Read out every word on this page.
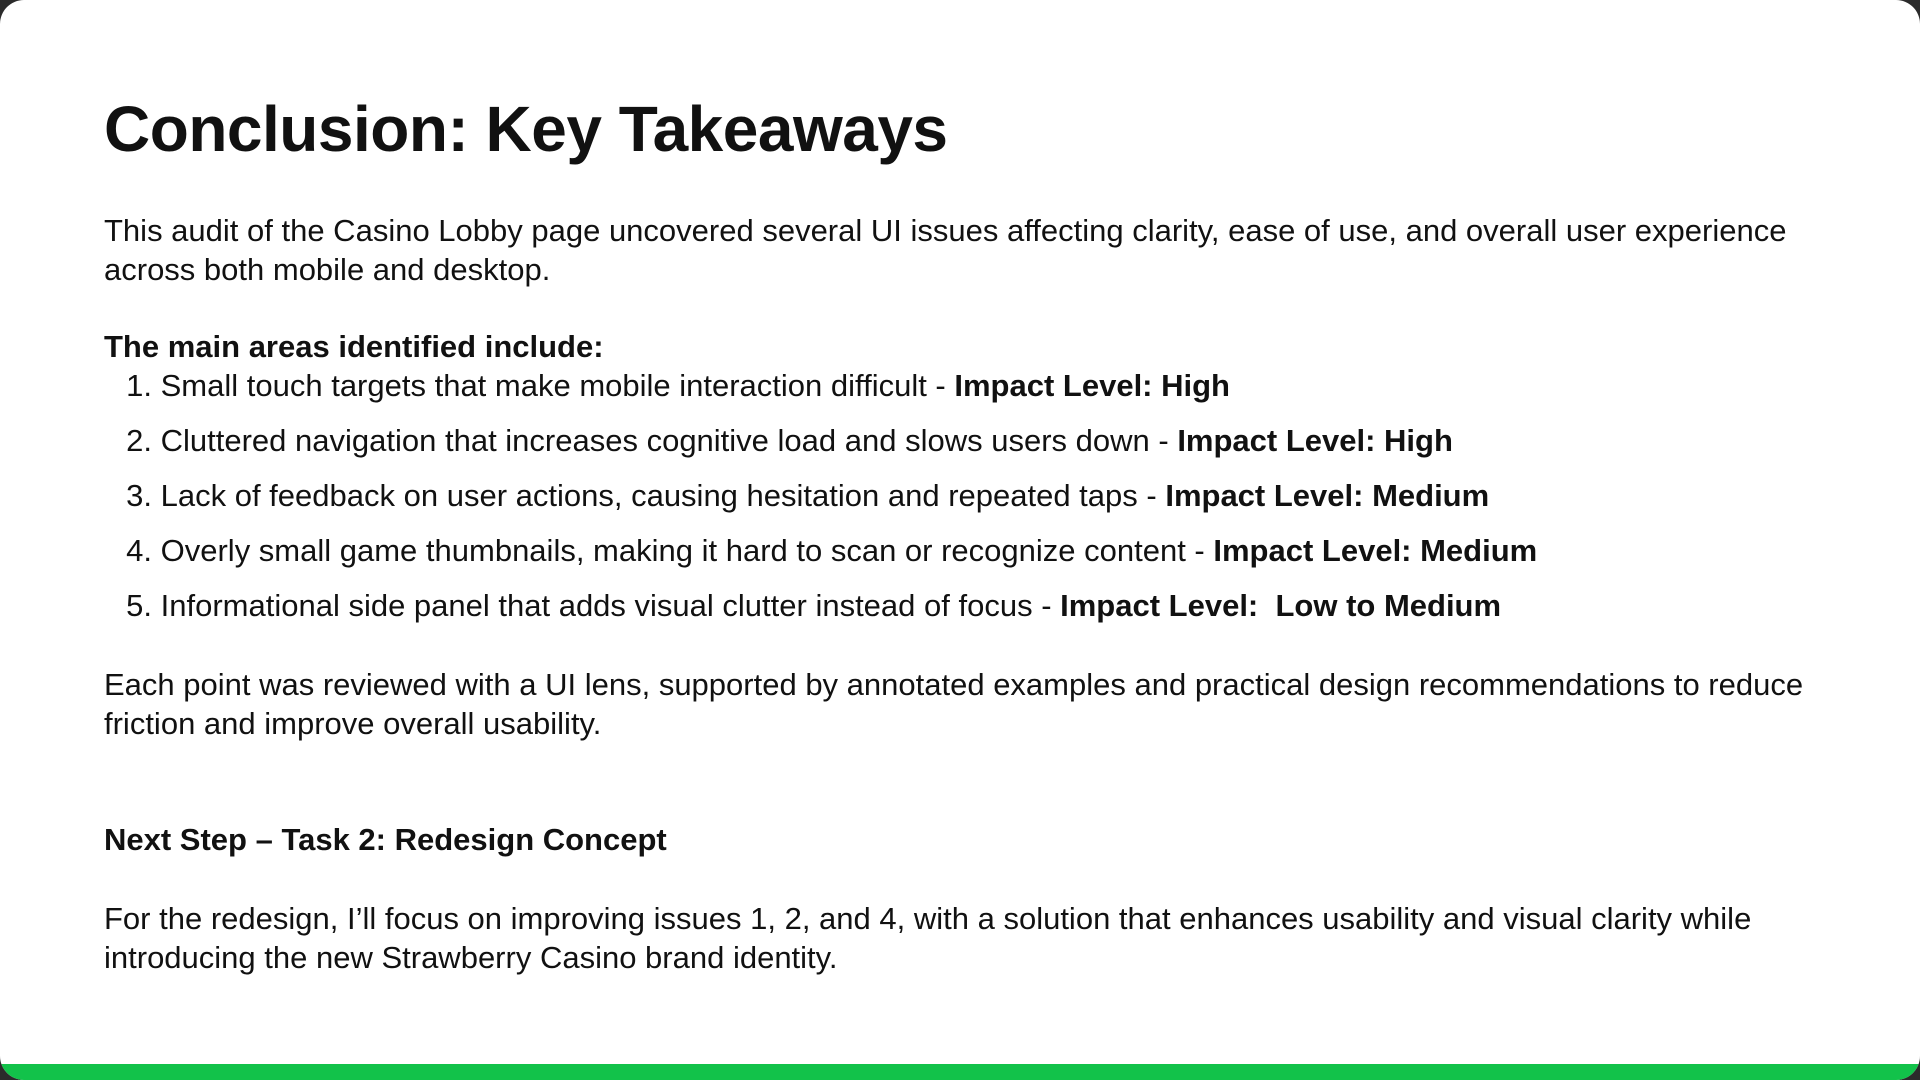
Conclusion: Key Takeaways

This audit of the Casino Lobby page uncovered several UI issues affecting clarity, ease of use, and overall user experience across both mobile and desktop.

The main areas identified include:

1. Small touch targets that make mobile interaction difficult - Impact Level: High
2. Cluttered navigation that increases cognitive load and slows users down - Impact Level: High
3. Lack of feedback on user actions, causing hesitation and repeated taps - Impact Level: Medium
4. Overly small game thumbnails, making it hard to scan or recognize content - Impact Level: Medium
5. Informational side panel that adds visual clutter instead of focus - Impact Level:  Low to Medium

Each point was reviewed with a UI lens, supported by annotated examples and practical design recommendations to reduce friction and improve overall usability.

Next Step – Task 2: Redesign Concept

For the redesign, I’ll focus on improving issues 1, 2, and 4, with a solution that enhances usability and visual clarity while introducing the new Strawberry Casino brand identity.
